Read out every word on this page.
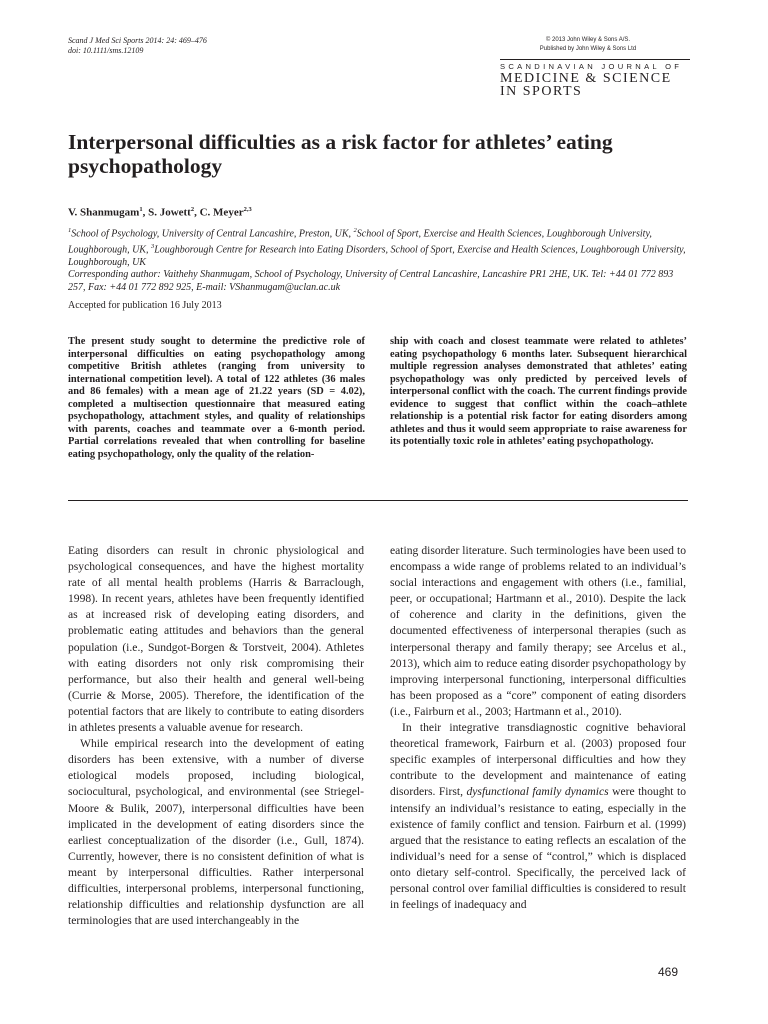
Scand J Med Sci Sports 2014: 24: 469–476
doi: 10.1111/sms.12109
© 2013 John Wiley & Sons A/S.
Published by John Wiley & Sons Ltd
SCANDINAVIAN JOURNAL OF
MEDICINE & SCIENCE
IN SPORTS
Interpersonal difficulties as a risk factor for athletes’ eating psychopathology
V. Shanmugam$^1$, S. Jowett$^2$, C. Meyer$^{2,3}$
$^1$School of Psychology, University of Central Lancashire, Preston, UK, $^2$School of Sport, Exercise and Health Sciences, Loughborough University, Loughborough, UK, $^3$Loughborough Centre for Research into Eating Disorders, School of Sport, Exercise and Health Sciences, Loughborough University, Loughborough, UK
Corresponding author: Vaithehy Shanmugam, School of Psychology, University of Central Lancashire, Lancashire PR1 2HE, UK. Tel: +44 01 772 893 257, Fax: +44 01 772 892 925, E-mail: VShanmugam@uclan.ac.uk
Accepted for publication 16 July 2013
The present study sought to determine the predictive role of interpersonal difficulties on eating psychopathology among competitive British athletes (ranging from university to international competition level). A total of 122 athletes (36 males and 86 females) with a mean age of 21.22 years (SD = 4.02), completed a multisection questionnaire that measured eating psychopathology, attachment styles, and quality of relationships with parents, coaches and teammate over a 6-month period. Partial correlations revealed that when controlling for baseline eating psychopathology, only the quality of the relation-
ship with coach and closest teammate were related to athletes’ eating psychopathology 6 months later. Subsequent hierarchical multiple regression analyses demonstrated that athletes’ eating psychopathology was only predicted by perceived levels of interpersonal conflict with the coach. The current findings provide evidence to suggest that conflict within the coach–athlete relationship is a potential risk factor for eating disorders among athletes and thus it would seem appropriate to raise awareness for its potentially toxic role in athletes’ eating psychopathology.

Eating disorders can result in chronic physiological and psychological consequences, and have the highest mortality rate of all mental health problems (Harris & Barraclough, 1998). In recent years, athletes have been frequently identified as at increased risk of developing eating disorders, and problematic eating attitudes and behaviors than the general population (i.e., Sundgot-Borgen & Torstveit, 2004). Athletes with eating disorders not only risk compromising their performance, but also their health and general well-being (Currie & Morse, 2005). Therefore, the identification of the potential factors that are likely to contribute to eating disorders in athletes presents a valuable avenue for research.

While empirical research into the development of eating disorders has been extensive, with a number of diverse etiological models proposed, including biological, sociocultural, psychological, and environmental (see Striegel-Moore & Bulik, 2007), interpersonal difficulties have been implicated in the development of eating disorders since the earliest conceptualization of the disorder (i.e., Gull, 1874). Currently, however, there is no consistent definition of what is meant by interpersonal difficulties. Rather interpersonal difficulties, interpersonal problems, interpersonal functioning, relationship difficulties and relationship dysfunction are all terminologies that are used interchangeably in the

eating disorder literature. Such terminologies have been used to encompass a wide range of problems related to an individual’s social interactions and engagement with others (i.e., familial, peer, or occupational; Hartmann et al., 2010). Despite the lack of coherence and clarity in the definitions, given the documented effectiveness of interpersonal therapies (such as interpersonal therapy and family therapy; see Arcelus et al., 2013), which aim to reduce eating disorder psychopathology by improving interpersonal functioning, interpersonal difficulties has been proposed as a “core” component of eating disorders (i.e., Fairburn et al., 2003; Hartmann et al., 2010).

In their integrative transdiagnostic cognitive behavioral theoretical framework, Fairburn et al. (2003) proposed four specific examples of interpersonal difficulties and how they contribute to the development and maintenance of eating disorders. First, dysfunctional family dynamics were thought to intensify an individual’s resistance to eating, especially in the existence of family conflict and tension. Fairburn et al. (1999) argued that the resistance to eating reflects an escalation of the individual’s need for a sense of “control,” which is displaced onto dietary self-control. Specifically, the perceived lack of personal control over familial difficulties is considered to result in feelings of inadequacy and

469
